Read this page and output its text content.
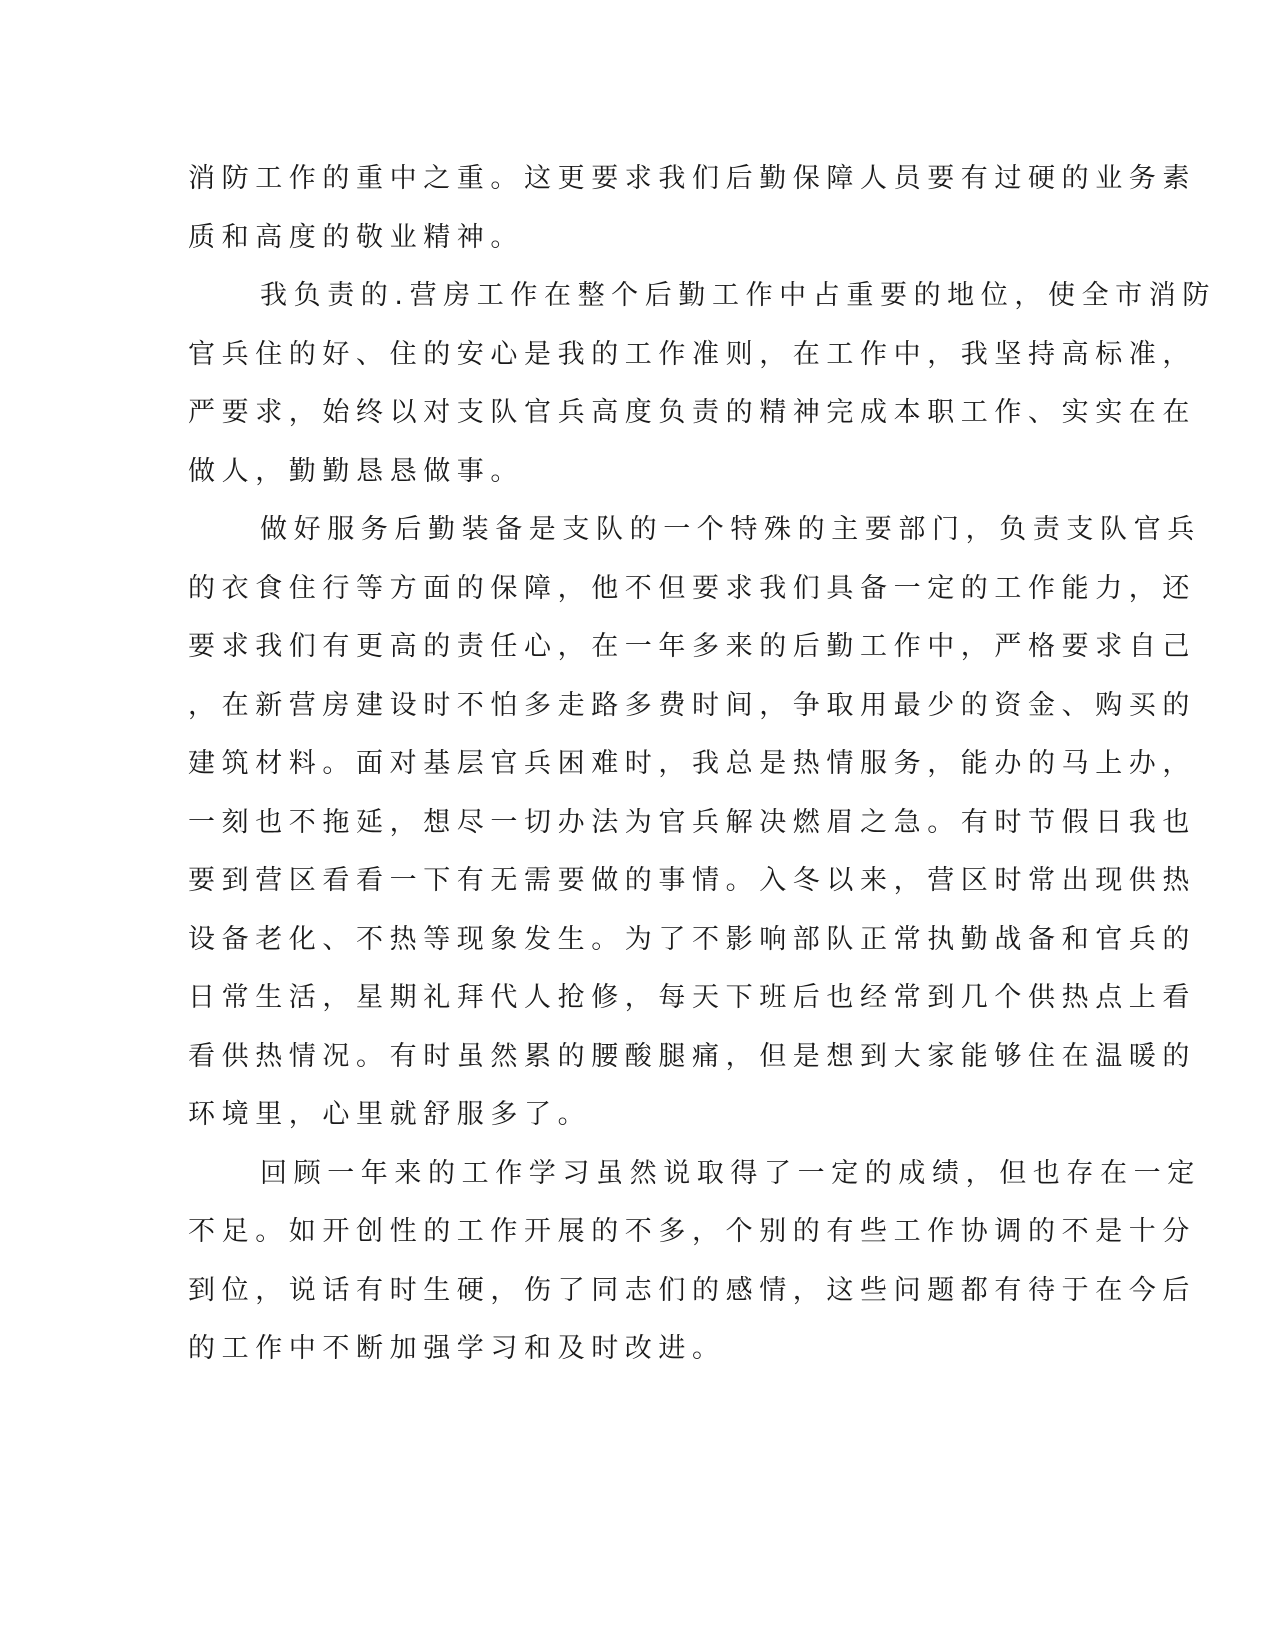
消防工作的重中之重。这更要求我们后勤保障人员要有过硬的业务素
质和高度的敬业精神。
我负责的.营房工作在整个后勤工作中占重要的地位，使全市消防
官兵住的好、住的安心是我的工作准则，在工作中，我坚持高标准，
严要求，始终以对支队官兵高度负责的精神完成本职工作、实实在在
做人，勤勤恳恳做事。
做好服务后勤装备是支队的一个特殊的主要部门，负责支队官兵
的衣食住行等方面的保障，他不但要求我们具备一定的工作能力，还
要求我们有更高的责任心，在一年多来的后勤工作中，严格要求自己
，在新营房建设时不怕多走路多费时间，争取用最少的资金、购买的
建筑材料。面对基层官兵困难时，我总是热情服务，能办的马上办，
一刻也不拖延，想尽一切办法为官兵解决燃眉之急。有时节假日我也
要到营区看看一下有无需要做的事情。入冬以来，营区时常出现供热
设备老化、不热等现象发生。为了不影响部队正常执勤战备和官兵的
日常生活，星期礼拜代人抢修，每天下班后也经常到几个供热点上看
看供热情况。有时虽然累的腰酸腿痛，但是想到大家能够住在温暖的
环境里，心里就舒服多了。
回顾一年来的工作学习虽然说取得了一定的成绩，但也存在一定
不足。如开创性的工作开展的不多，个别的有些工作协调的不是十分
到位，说话有时生硬，伤了同志们的感情，这些问题都有待于在今后
的工作中不断加强学习和及时改进。
